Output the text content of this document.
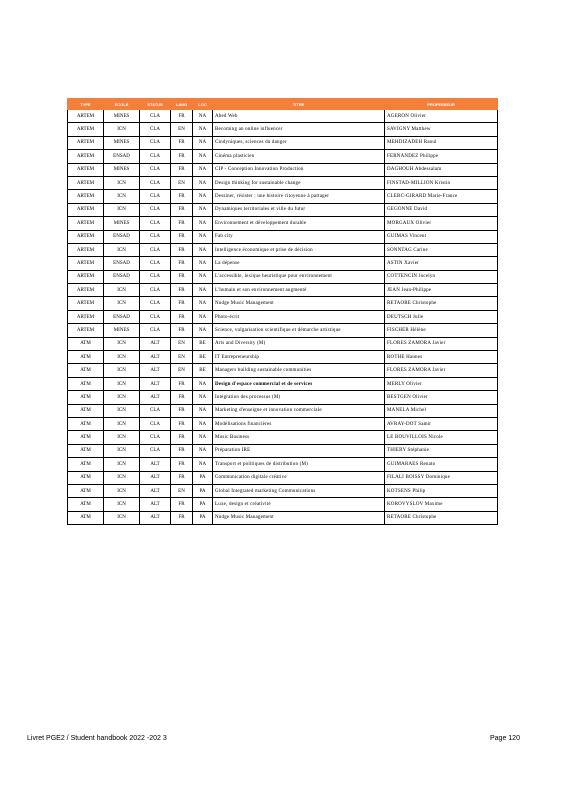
TYPE	ECOLE	STATUS	LANG	LOC	TITRE	PROFESSEUR
ARTEM	MINES	CLA	FR	NA	Abed Web	AGERON Olivier
ARTEM	ICN	CLA	EN	NA	Becoming an online influencer	SAVIGNY Matthew
ARTEM	MINES	CLA	FR	NA	Cindyniques, sciences du danger	MEHDIZADEH Raoul
ARTEM	ENSAD	CLA	FR	NA	Cinéma plasticien	FERNANDEZ Philippe
ARTEM	MINES	CLA	FR	NA	CIP - Conception Innovation Production	DAGHOUH Abdessalam
ARTEM	ICN	CLA	EN	NA	Design thinking for sustainable change	FINSTAD-MILLION Kristin
ARTEM	ICN	CLA	FR	NA	Dessiner, résister : une histoire citoyenne à partager	CLERC-GIRARD Marie-France
ARTEM	ICN	CLA	FR	NA	Dynamiques territoriales et ville du futur	GEGONNE David
ARTEM	MINES	CLA	FR	NA	Environnement et développement durable	MORGAUX Olivier
ARTEM	ENSAD	CLA	FR	NA	Fab city	GUIMAS Vincent
ARTEM	ICN	CLA	FR	NA	Intelligence économique et prise de décision	SONNTAG Carine
ARTEM	ENSAD	CLA	FR	NA	La dépense	ASTIN Xavier
ARTEM	ENSAD	CLA	FR	NA	L'accessible, lexique heuristique pour environnement	COTTENCIN Jocelyn
ARTEM	ICN	CLA	FR	NA	L'humain et son environnement augmenté	JEAN Jean-Philippe
ARTEM	ICN	CLA	FR	NA	Nudge Music Management	RETAORE Christophe
ARTEM	ENSAD	CLA	FR	NA	Photo-écrit	DEUTSCH Julie
ARTEM	MINES	CLA	FR	NA	Science, vulgarisation scientifique et démarche artistique	FISCHER Hélène
ATM	ICN	ALT	EN	BE	Arts and Diversity (M)	FLORES ZAMORA Javier
ATM	ICN	ALT	EN	BE	IT Entrepreneurship	ROTHE Hannes
ATM	ICN	ALT	EN	BE	Managers building sustainable communities	FLORES ZAMORA Javier
ATM	ICN	ALT	FR	NA	Design d'espace commercial et de services	MERLY Olivier
ATM	ICN	ALT	FR	NA	Intégration des processus (M)	BESTGEN Olivier
ATM	ICN	CLA	FR	NA	Marketing d'enseigne et innovation commerciale	MANELA Michel
ATM	ICN	CLA	FR	NA	Modélisations financières	AVRAY-DOT Samir
ATM	ICN	CLA	FR	NA	Music Business	LE BOUVILLOIS Nicole
ATM	ICN	CLA	FR	NA	Préparation IRE	THIERY Stéphanie
ATM	ICN	ALT	FR	NA	Transport et politiques de distribution (M)	GUIMARAES Renato
ATM	ICN	ALT	FR	PA	Communication digitale créative	FILALI BOISSY Dominique
ATM	ICN	ALT	EN	PA	Global Integrated marketing Communications	KOTSENS Philip
ATM	ICN	ALT	FR	PA	Luxe, design et créativité	KOROVYSLOV Maxime
ATM	ICN	ALT	FR	PA	Nudge Music Management	RETAORE Christophe
Livret PGE2 / Student handbook 2022 -202 3	Page 120
